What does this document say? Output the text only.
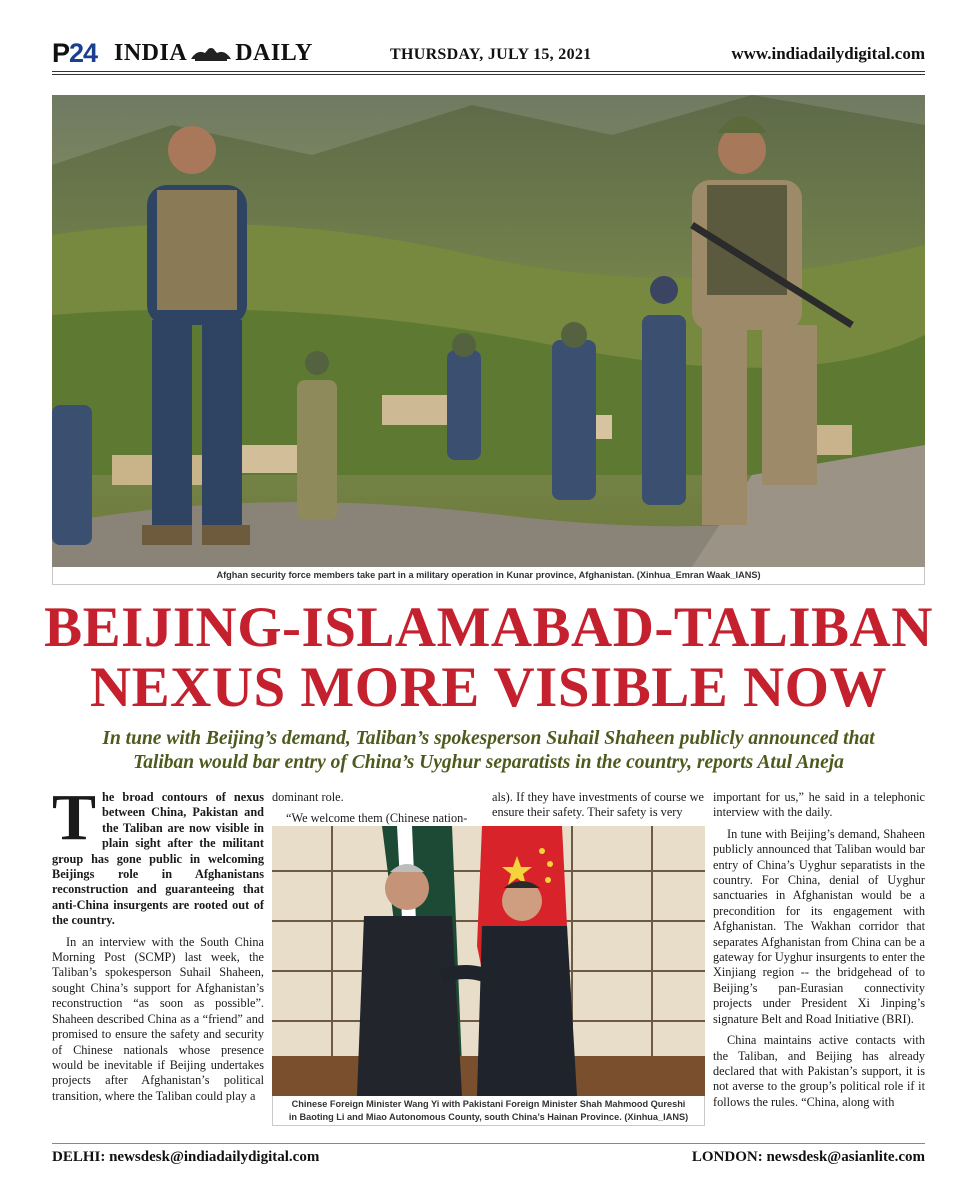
P24 INDIA DAILY	THURSDAY, JULY 15, 2021	www.indiadailydigital.com
Afghan security force members take part in a military operation in Kunar province, Afghanistan. (Xinhua_Emran Waak_IANS)
BEIJING-ISLAMABAD-TALIBAN
NEXUS MORE VISIBLE NOW
In tune with Beijing’s demand, Taliban’s spokesperson Suhail Shaheen publicly announced that
Taliban would bar entry of China’s Uyghur separatists in the country, reports Atul Aneja

The broad contours of nexus between China, Pakistan and the Taliban are now visible in plain sight after the militant group has gone public in welcoming Beijings role in Afghanistans reconstruction and guaranteeing that anti-China insurgents are rooted out of the country.

In an interview with the South China Morning Post (SCMP) last week, the Taliban’s spokesperson Suhail Shaheen, sought China’s support for Afghanistan’s reconstruction “as soon as possible”. Shaheen described China as a “friend” and promised to ensure the safety and security of Chinese nationals whose presence would be inevitable if Beijing undertakes projects after Afghanistan’s political transition, where the Taliban could play a

dominant role.

“We welcome them (Chinese nation-

als). If they have investments of course we ensure their safety. Their safety is very

important for us,” he said in a telephonic interview with the daily.

In tune with Beijing’s demand, Shaheen publicly announced that Taliban would bar entry of China’s Uyghur separatists in the country. For China, denial of Uyghur sanctuaries in Afghanistan would be a precondition for its engagement with Afghanistan. The Wakhan corridor that separates Afghanistan from China can be a gateway for Uyghur insurgents to enter the Xinjiang region -- the bridgehead of to Beijing’s pan-Eurasian connectivity projects under President Xi Jinping’s signature Belt and Road Initiative (BRI).

China maintains active contacts with the Taliban, and Beijing has already declared that with Pakistan’s support, it is not averse to the group’s political role if it follows the rules. “China, along with

Chinese Foreign Minister Wang Yi with Pakistani Foreign Minister Shah Mahmood Qureshi
in Baoting Li and Miao Autonomous County, south China’s Hainan Province. (Xinhua_IANS)
DELHI: newsdesk@indiadailydigital.com	LONDON: newsdesk@asianlite.com
